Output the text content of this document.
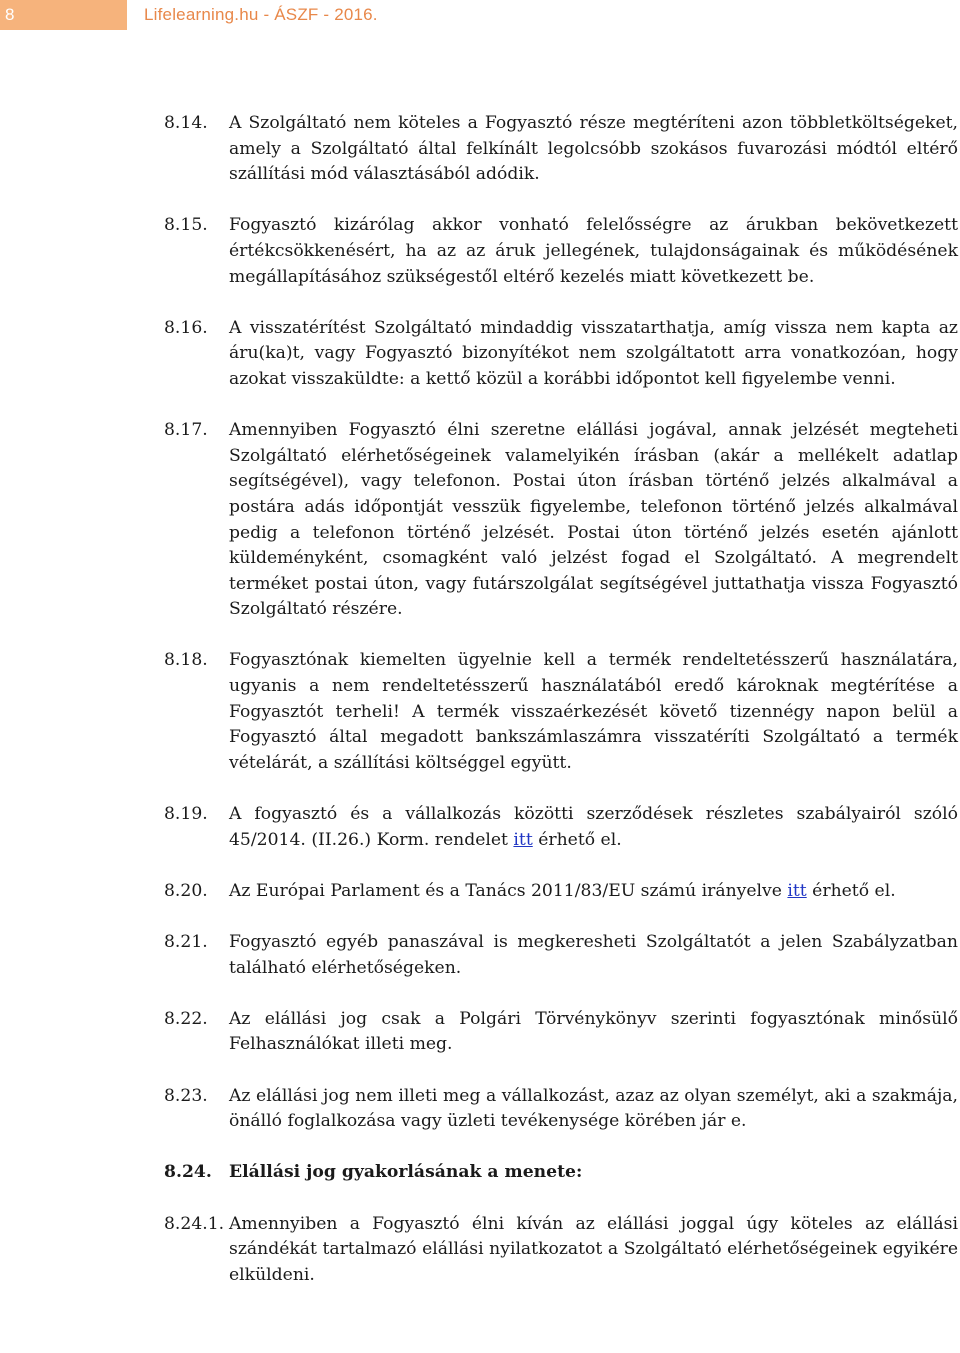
8	Lifelearning.hu - ÁSZF - 2016.
8.14.	A Szolgáltató nem köteles a Fogyasztó része megtéríteni azon többletköltségeket, amely a Szolgáltató által felkínált legolcsóbb szokásos fuvarozási módtól eltérő szállítási mód választásából adódik.
8.15.	Fogyasztó kizárólag akkor vonható felelősségre az árukban bekövetkezett értékcsökkenésért, ha az az áruk jellegének, tulajdonságainak és működésének megállapításához szükségestől eltérő kezelés miatt következett be.
8.16.	A visszatérítést Szolgáltató mindaddig visszatarthatja, amíg vissza nem kapta az áru(ka)t, vagy Fogyasztó bizonyítékot nem szolgáltatott arra vonatkozóan, hogy azokat visszaküldte: a kettő közül a korábbi időpontot kell figyelembe venni.
8.17.	Amennyiben Fogyasztó élni szeretne elállási jogával, annak jelzését megteheti Szolgáltató elérhetőségeinek valamelyikén írásban (akár a mellékelt adatlap segítségével), vagy telefonon. Postai úton írásban történő jelzés alkalmával a postára adás időpontját vesszük figyelembe, telefonon történő jelzés alkalmával pedig a telefonon történő jelzését. Postai úton történő jelzés esetén ajánlott küldeményként, csomagként való jelzést fogad el Szolgáltató. A megrendelt terméket postai úton, vagy futárszolgálat segítségével juttathatja vissza Fogyasztó Szolgáltató részére.
8.18.	Fogyasztónak kiemelten ügyelnie kell a termék rendeltetésszerű használatára, ugyanis a nem rendeltetésszerű használatából eredő károknak megtérítése a Fogyasztót terheli! A termék visszaérkezését követő tizennégy napon belül a Fogyasztó által megadott bankszámlaszámra visszatéríti Szolgáltató a termék vételárát, a szállítási költséggel együtt.
8.19.	A fogyasztó és a vállalkozás közötti szerződések részletes szabályairól szóló 45/2014. (II.26.) Korm. rendelet itt érhető el.
8.20.	Az Európai Parlament és a Tanács 2011/83/EU számú irányelve itt érhető el.
8.21.	Fogyasztó egyéb panaszával is megkeresheti Szolgáltatót a jelen Szabályzatban található elérhetőségeken.
8.22.	Az elállási jog csak a Polgári Törvénykönyv szerinti fogyasztónak minősülő Felhasználókat illeti meg.
8.23.	Az elállási jog nem illeti meg a vállalkozást, azaz az olyan személyt, aki a szakmája, önálló foglalkozása vagy üzleti tevékenysége körében jár e.
8.24. Elállási jog gyakorlásának a menete:
8.24.1. Amennyiben a Fogyasztó élni kíván az elállási joggal úgy köteles az elállási szándékát tartalmazó elállási nyilatkozatot a Szolgáltató elérhetőségeinek egyikére elküldeni.
